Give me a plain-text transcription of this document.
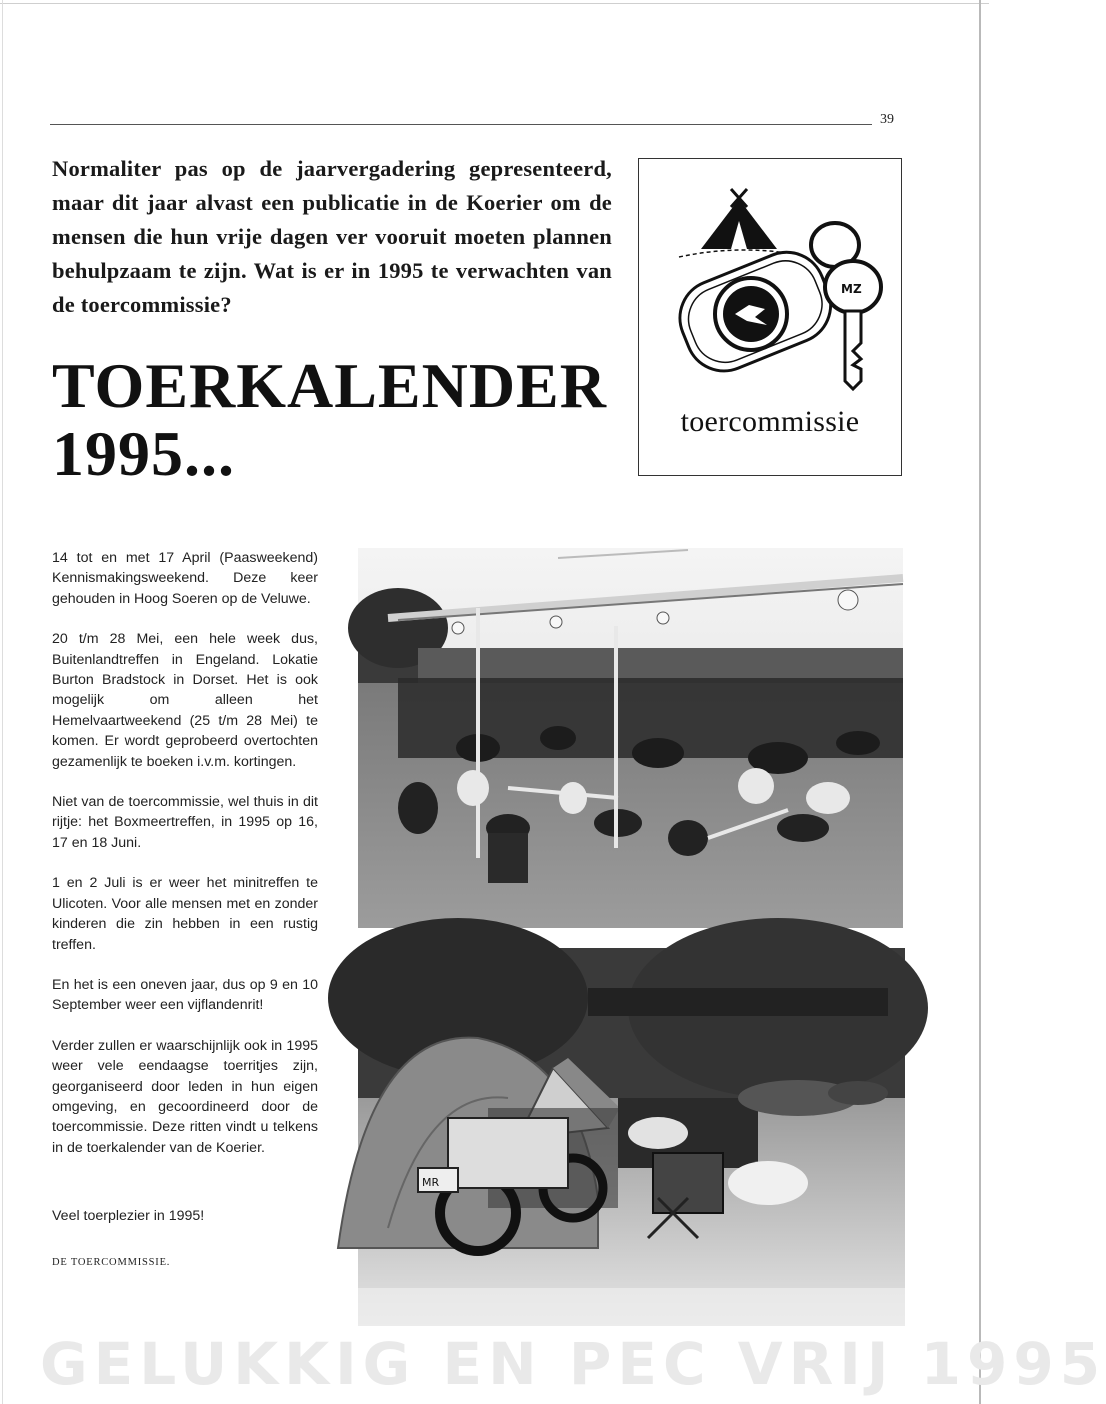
39
Normaliter pas op de jaarvergadering gepresenteerd, maar dit jaar alvast een publicatie in de Koerier om de mensen die hun vrije dagen ver vooruit moeten plannen behulpzaam te zijn. Wat is er in 1995 te verwachten van de toercommissie?
TOERKALENDER
1995...
MZ
toercommissie

14 tot en met 17 April (Paasweekend) Kennismakingsweekend. Deze keer gehouden in Hoog Soeren op de Veluwe.

20 t/m 28 Mei, een hele week dus, Buitenlandtreffen in Engeland. Lokatie Burton Bradstock in Dorset. Het is ook mogelijk om alleen het Hemelvaartweekend (25 t/m 28 Mei) te komen. Er wordt geprobeerd overtochten gezamenlijk te boeken i.v.m. kortingen.

Niet van de toercommissie, wel thuis in dit rijtje: het Boxmeertreffen, in 1995 op 16, 17 en 18 Juni.

1 en 2 Juli is er weer het minitreffen te Ulicoten. Voor alle mensen met en zonder kinderen die zin hebben in een rustig treffen.

En het is een oneven jaar, dus op 9 en 10 September weer een vijflandenrit!

Verder zullen er waarschijnlijk ook in 1995 weer vele eendaagse toerritjes zijn, georganiseerd door leden in hun eigen omgeving, en gecoordineerd door de toercommissie. Deze ritten vindt u telkens in de toerkalender van de Koerier.

Veel toerplezier in 1995!

DE TOERCOMMISSIE.
MR
GELUKKIG EN PEC VRIJ 1995
